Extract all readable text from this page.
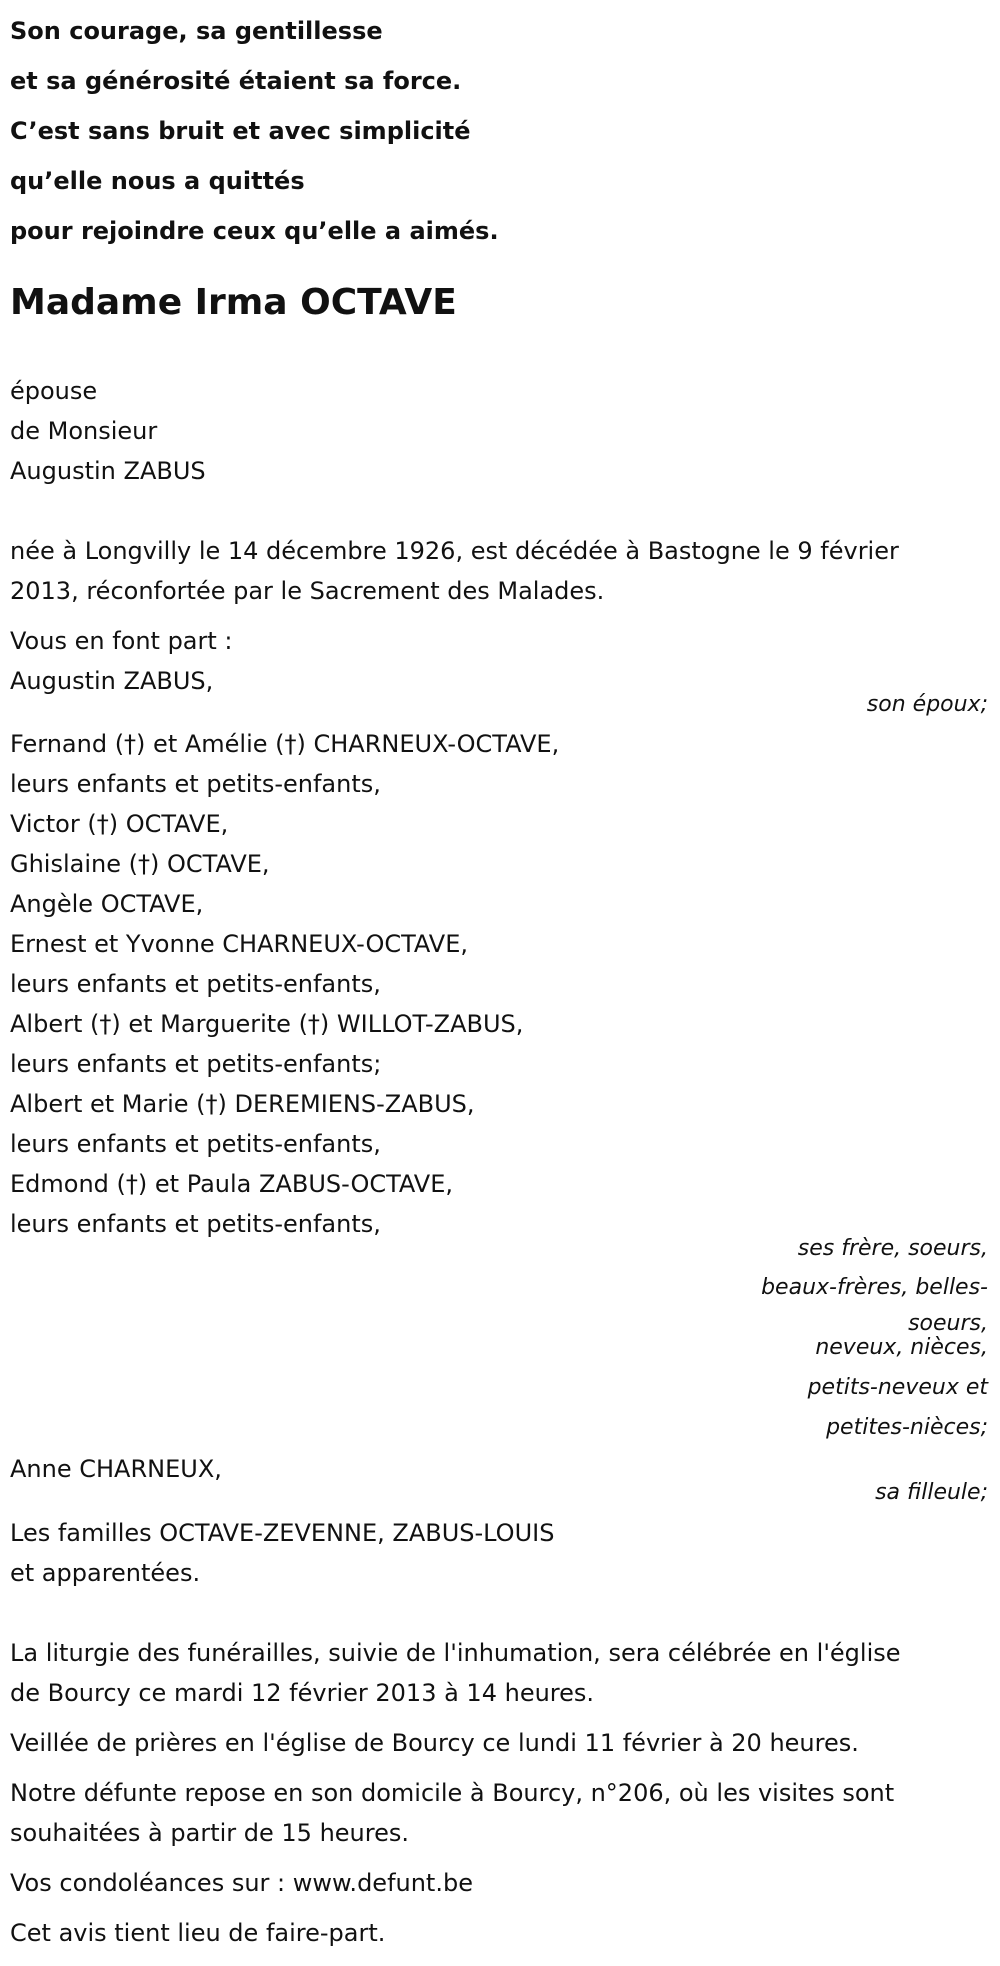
Son courage, sa gentillesse
et sa générosité étaient sa force.
C’est sans bruit et avec simplicité
qu’elle nous a quittés
pour rejoindre ceux qu’elle a aimés.
Madame Irma OCTAVE
épouse
de Monsieur
Augustin ZABUS
née à Longvilly le 14 décembre 1926, est décédée à Bastogne le 9 février
2013, réconfortée par le Sacrement des Malades.
Vous en font part :
Augustin ZABUS,
son époux;
Fernand (†) et Amélie (†) CHARNEUX-OCTAVE,
leurs enfants et petits-enfants,
Victor (†) OCTAVE,
Ghislaine (†) OCTAVE,
Angèle OCTAVE,
Ernest et Yvonne CHARNEUX-OCTAVE,
leurs enfants et petits-enfants,
Albert (†) et Marguerite (†) WILLOT-ZABUS,
leurs enfants et petits-enfants;
Albert et Marie (†) DEREMIENS-ZABUS,
leurs enfants et petits-enfants,
Edmond (†) et Paula ZABUS-OCTAVE,
leurs enfants et petits-enfants,
ses frère, soeurs,
beaux-frères, belles-
soeurs,
neveux, nièces,
petits-neveux et
petites-nièces;
Anne CHARNEUX,
sa filleule;
Les familles OCTAVE-ZEVENNE, ZABUS-LOUIS
et apparentées.
La liturgie des funérailles, suivie de l'inhumation, sera célébrée en l'église
de Bourcy ce mardi 12 février 2013 à 14 heures.
Veillée de prières en l'église de Bourcy ce lundi 11 février à 20 heures.
Notre défunte repose en son domicile à Bourcy, n°206, où les visites sont
souhaitées à partir de 15 heures.
Vos condoléances sur : www.defunt.be
Cet avis tient lieu de faire-part.
